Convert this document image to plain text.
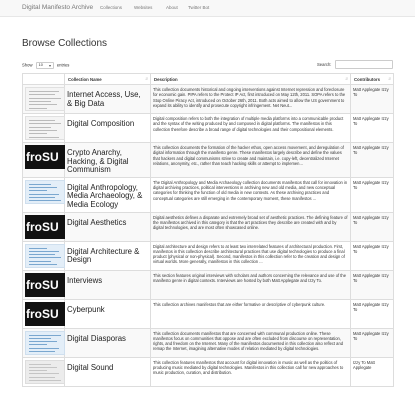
Digital Manifesto Archive Collections	Websites	About Twitter Bot
Browse Collections
Show 10	entries	Search:
	Collection Name ⇵	Description ⇵	Contributors ⇵

	Internet Access, Use, & Big Data	This collection documents historical and ongoing interventions against Internet repression and foreclosure for economic gain. PIPA refers to the Protect IP Act, first introduced on May 12th, 2011. SOPA refers to the Stop Online Piracy Act, introduced on October 26th, 2011. Both acts aimed to allow the US government to expand its ability to identify and prosecute copyright infringement. Net Neut...	Matt Applegate Izzy To

	Digital Composition	Digital composition refers to both the integration of multiple media platforms into a communicable product and the syntax of the writing produced by and composed in digital platforms. The manifestos in this collection therefore describe a broad range of digital technologies and their compositional elements.	Matt Applegate Izzy To

froSU	Crypto Anarchy, Hacking, & Digital Communism	This collection documents the formation of the hacker ethos, open access movement, and deregulation of digital information through the manifesto genre. These manifestos largely describe and define the values that hackers and digital communisms strive to create and maintain, i.e. copy-left, decentralized Internet relations, anonymity, etc., rather than teach hacking skills or attempt to implemen...	Matt Applegate Izzy To

	Digital Anthropology, Media Archaeology, & Media Ecology	The Digital Anthropology and Media Archaeology collection documents manifestos that call for innovation in digital archiving practices, political interventions in archiving new and old media, and new conceptual categories for thinking the function of old media in new contexts. As these archiving practices and conceptual categories are still emerging in the contemporary moment, these manifestos ...	Matt Applegate Izzy To

froSU	Digital Aesthetics	Digital aesthetics defines a disparate and extremely broad set of aesthetic practices. The defining feature of the manifestos archived in this category is that the art practices they describe are created with and by digital technologies, and are most often showcased online.	Matt Applegate Izzy To

	Digital Architecture & Design	Digital architecture and design refers to at least two interrelated features of architectural production. First, manifestos in this collection describe architectural practices that use digital technologies to produce a final product (physical or non-physical). Second, manifestos in this collection refer to the creation and design of virtual worlds. More generally, manifestos in this collection ...	Matt Applegate Izzy To

froSU	Interviews	This section features original interviews with scholars and authors concerning the relevance and use of the manifesto genre in digital contexts. Interviews are hosted by both Matt Applegate and Izzy To.	Matt Applegate Izzy To

froSU	Cyberpunk	This collection archives manifestos that are either formative or descriptive of cyberpunk culture.	Matt Applegate Izzy To

	Digital Diasporas	This collection documents manifestos that are concerned with communal production online. These manifestos focus on communities that oppose and are often excluded from discourse on representation, rights, and freedom on the Internet. Many of the manifestos documented in this collection also reflect and remap the Internet, imagining alternative modes of relation mediated by digital technologies.	Matt Applegate Izzy To

	Digital Sound	This collection features manifestos that account for digital innovation in music as well as the politics of producing music mediated by digital technologies. Manifestos in this collection call for new approaches to music production, curation, and distribution.	Izzy To Matt Applegate
